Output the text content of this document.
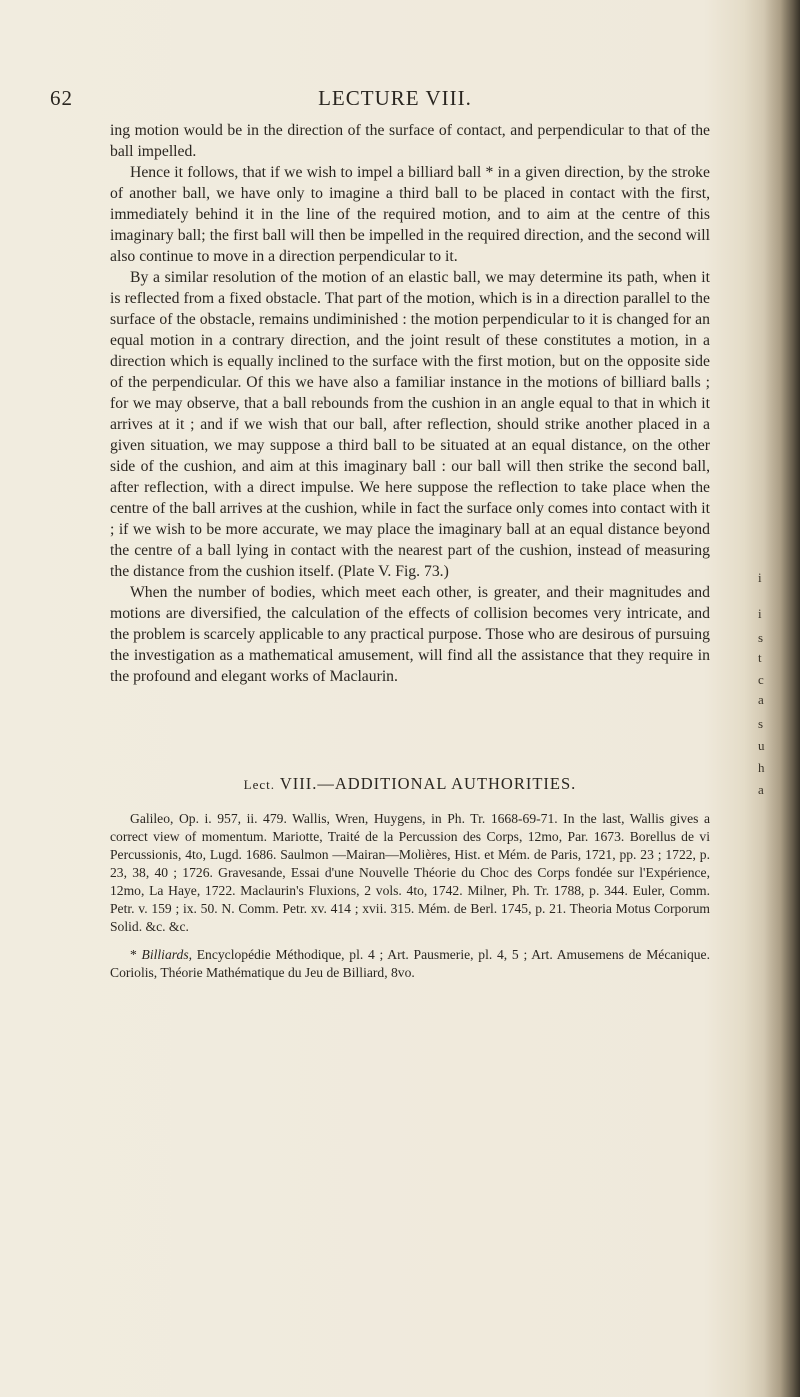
62	LECTURE VIII.

ing motion would be in the direction of the surface of contact, and perpendicular to that of the ball impelled.

Hence it follows, that if we wish to impel a billiard ball * in a given direction, by the stroke of another ball, we have only to imagine a third ball to be placed in contact with the first, immediately behind it in the line of the required motion, and to aim at the centre of this imaginary ball; the first ball will then be impelled in the required direction, and the second will also continue to move in a direction perpendicular to it.

By a similar resolution of the motion of an elastic ball, we may determine its path, when it is reflected from a fixed obstacle. That part of the motion, which is in a direction parallel to the surface of the obstacle, remains undiminished : the motion perpendicular to it is changed for an equal motion in a contrary direction, and the joint result of these constitutes a motion, in a direction which is equally inclined to the surface with the first motion, but on the opposite side of the perpendicular. Of this we have also a familiar instance in the motions of billiard balls ; for we may observe, that a ball rebounds from the cushion in an angle equal to that in which it arrives at it ; and if we wish that our ball, after reflection, should strike another placed in a given situation, we may suppose a third ball to be situated at an equal distance, on the other side of the cushion, and aim at this imaginary ball : our ball will then strike the second ball, after reflection, with a direct impulse. We here suppose the reflection to take place when the centre of the ball arrives at the cushion, while in fact the surface only comes into contact with it ; if we wish to be more accurate, we may place the imaginary ball at an equal distance beyond the centre of a ball lying in contact with the nearest part of the cushion, instead of measuring the distance from the cushion itself. (Plate V. Fig. 73.)

When the number of bodies, which meet each other, is greater, and their magnitudes and motions are diversified, the calculation of the effects of collision becomes very intricate, and the problem is scarcely applicable to any practical purpose. Those who are desirous of pursuing the investigation as a mathematical amusement, will find all the assistance that they require in the profound and elegant works of Maclaurin.

Lect. VIII.—ADDITIONAL AUTHORITIES.

Galileo, Op. i. 957, ii. 479. Wallis, Wren, Huygens, in Ph. Tr. 1668-69-71. In the last, Wallis gives a correct view of momentum. Mariotte, Traité de la Percussion des Corps, 12mo, Par. 1673. Borellus de vi Percussionis, 4to, Lugd. 1686. Saulmon —Mairan—Molières, Hist. et Mém. de Paris, 1721, pp. 23 ; 1722, p. 23, 38, 40 ; 1726. Gravesande, Essai d'une Nouvelle Théorie du Choc des Corps fondée sur l'Expérience, 12mo, La Haye, 1722. Maclaurin's Fluxions, 2 vols. 4to, 1742. Milner, Ph. Tr. 1788, p. 344. Euler, Comm. Petr. v. 159 ; ix. 50. N. Comm. Petr. xv. 414 ; xvii. 315. Mém. de Berl. 1745, p. 21. Theoria Motus Corporum Solid. &c. &c.

* Billiards, Encyclopédie Méthodique, pl. 4 ; Art. Pausmerie, pl. 4, 5 ; Art. Amusemens de Mécanique. Coriolis, Théorie Mathématique du Jeu de Billiard, 8vo.

i
i
s
t
c
a
s
u
h
a
